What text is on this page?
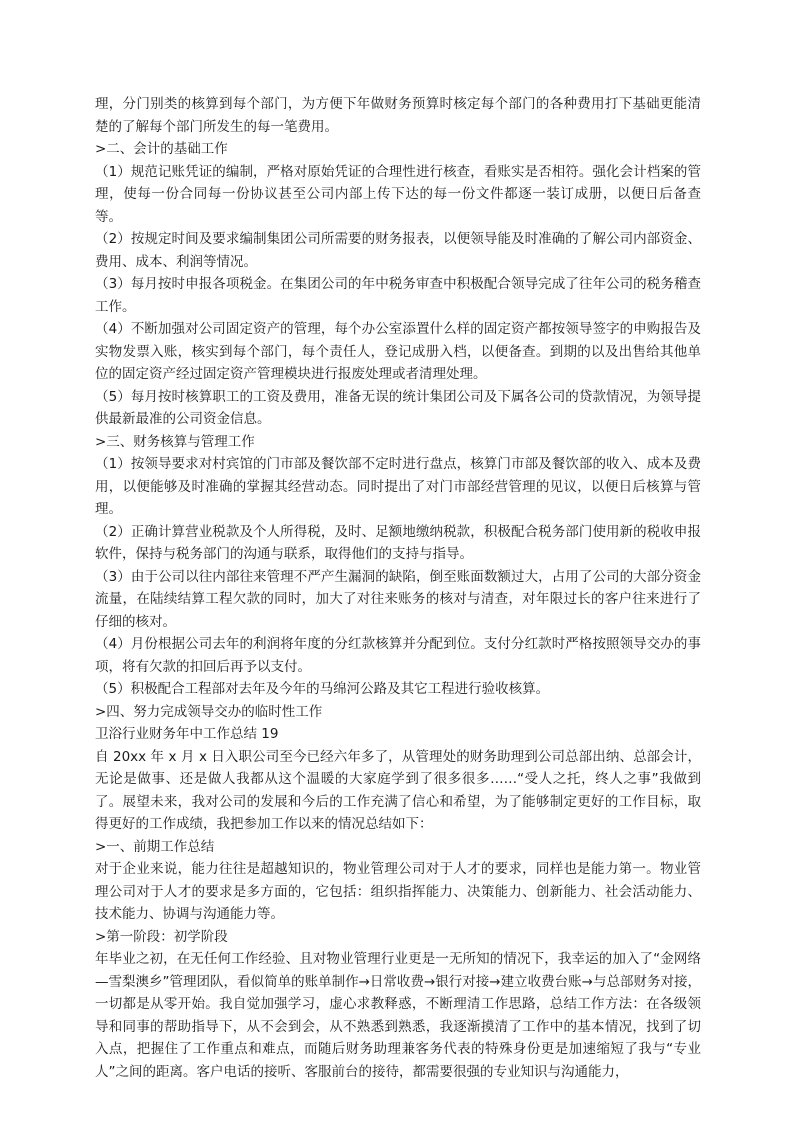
理，分门别类的核算到每个部门，为方便下年做财务预算时核定每个部门的各种费用打下基础更能清楚的了解每个部门所发生的每一笔费用。

>二、会计的基础工作

（1）规范记账凭证的编制，严格对原始凭证的合理性进行核查，看账实是否相符。强化会计档案的管理，使每一份合同每一份协议甚至公司内部上传下达的每一份文件都逐一装订成册，以便日后备查等。

（2）按规定时间及要求编制集团公司所需要的财务报表，以便领导能及时准确的了解公司内部资金、费用、成本、利润等情况。

（3）每月按时申报各项税金。在集团公司的年中税务审查中积极配合领导完成了往年公司的税务稽查工作。

（4）不断加强对公司固定资产的管理，每个办公室添置什么样的固定资产都按领导签字的申购报告及实物发票入账，核实到每个部门，每个责任人，登记成册入档，以便备查。到期的以及出售给其他单位的固定资产经过固定资产管理模块进行报废处理或者清理处理。

（5）每月按时核算职工的工资及费用，准备无误的统计集团公司及下属各公司的贷款情况，为领导提供最新最准的公司资金信息。

>三、财务核算与管理工作

（1）按领导要求对村宾馆的门市部及餐饮部不定时进行盘点，核算门市部及餐饮部的收入、成本及费用，以便能够及时准确的掌握其经营动态。同时提出了对门市部经营管理的见议，以便日后核算与管理。

（2）正确计算营业税款及个人所得税，及时、足额地缴纳税款，积极配合税务部门使用新的税收申报软件，保持与税务部门的沟通与联系，取得他们的支持与指导。

（3）由于公司以往内部往来管理不严产生漏洞的缺陷，倒至账面数额过大，占用了公司的大部分资金流量，在陆续结算工程欠款的同时，加大了对往来账务的核对与清查，对年限过长的客户往来进行了仔细的核对。

（4）月份根据公司去年的利润将年度的分红款核算并分配到位。支付分红款时严格按照领导交办的事项，将有欠款的扣回后再予以支付。

（5）积极配合工程部对去年及今年的马绵河公路及其它工程进行验收核算。

>四、努力完成领导交办的临时性工作

卫浴行业财务年中工作总结 19

自 20xx 年 x 月 x 日入职公司至今已经六年多了，从管理处的财务助理到公司总部出纳、总部会计，无论是做事、还是做人我都从这个温暖的大家庭学到了很多很多……“受人之托，终人之事”我做到了。展望未来，我对公司的发展和今后的工作充满了信心和希望，为了能够制定更好的工作目标，取得更好的工作成绩，我把参加工作以来的情况总结如下：

>一、前期工作总结

对于企业来说，能力往往是超越知识的，物业管理公司对于人才的要求，同样也是能力第一。物业管理公司对于人才的要求是多方面的，它包括：组织指挥能力、决策能力、创新能力、社会活动能力、技术能力、协调与沟通能力等。

>第一阶段：初学阶段

年毕业之初，在无任何工作经验、且对物业管理行业更是一无所知的情况下，我幸运的加入了“金网络—雪梨澳乡”管理团队，看似简单的账单制作→日常收费→银行对接→建立收费台账→与总部财务对接，一切都是从零开始。我自觉加强学习，虚心求教释惑，不断理清工作思路，总结工作方法：在各级领导和同事的帮助指导下，从不会到会，从不熟悉到熟悉，我逐渐摸清了工作中的基本情况，找到了切入点，把握住了工作重点和难点，而随后财务助理兼客务代表的特殊身份更是加速缩短了我与“专业人”之间的距离。客户电话的接听、客服前台的接待，都需要很强的专业知识与沟通能力，
